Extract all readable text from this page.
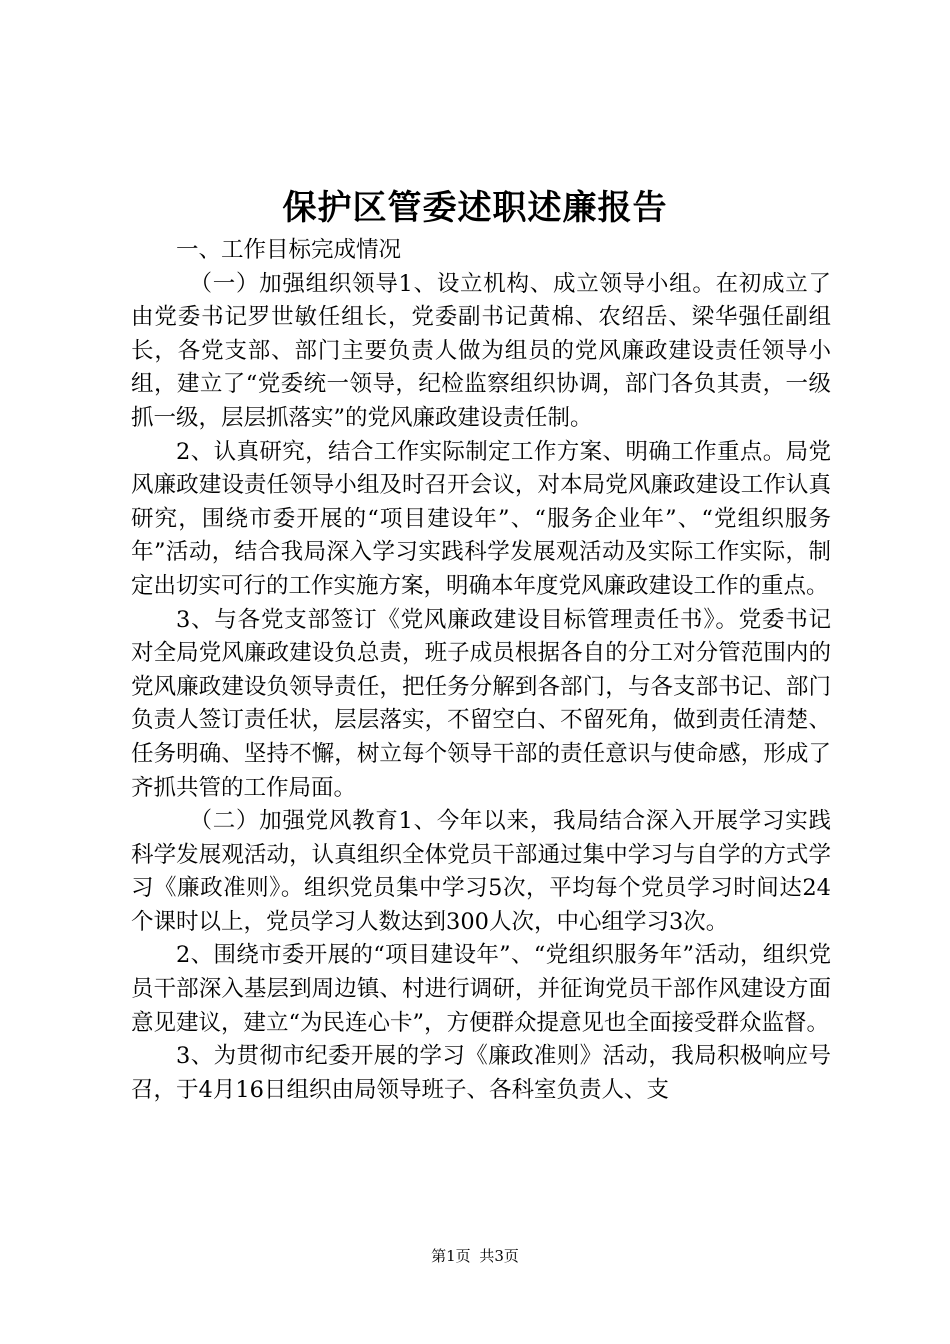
保护区管委述职述廉报告

一、工作目标完成情况

（一）加强组织领导1、设立机构、成立领导小组。在初成立了由党委书记罗世敏任组长，党委副书记黄棉、农绍岳、梁华强任副组长，各党支部、部门主要负责人做为组员的党风廉政建设责任领导小组，建立了“党委统一领导，纪检监察组织协调，部门各负其责，一级抓一级，层层抓落实”的党风廉政建设责任制。

2、认真研究，结合工作实际制定工作方案、明确工作重点。局党风廉政建设责任领导小组及时召开会议，对本局党风廉政建设工作认真研究，围绕市委开展的“项目建设年”、“服务企业年”、“党组织服务年”活动，结合我局深入学习实践科学发展观活动及实际工作实际，制定出切实可行的工作实施方案，明确本年度党风廉政建设工作的重点。

3、与各党支部签订《党风廉政建设目标管理责任书》。党委书记对全局党风廉政建设负总责，班子成员根据各自的分工对分管范围内的党风廉政建设负领导责任，把任务分解到各部门，与各支部书记、部门负责人签订责任状，层层落实，不留空白、不留死角，做到责任清楚、任务明确、坚持不懈，树立每个领导干部的责任意识与使命感，形成了齐抓共管的工作局面。

（二）加强党风教育1、今年以来，我局结合深入开展学习实践科学发展观活动，认真组织全体党员干部通过集中学习与自学的方式学习《廉政准则》。组织党员集中学习5次，平均每个党员学习时间达24个课时以上，党员学习人数达到300人次，中心组学习3次。

2、围绕市委开展的“项目建设年”、“党组织服务年”活动，组织党员干部深入基层到周边镇、村进行调研，并征询党员干部作风建设方面意见建议，建立“为民连心卡”，方便群众提意见也全面接受群众监督。

3、为贯彻市纪委开展的学习《廉政准则》活动，我局积极响应号召，于4月16日组织由局领导班子、各科室负责人、支

第1页 共3页
